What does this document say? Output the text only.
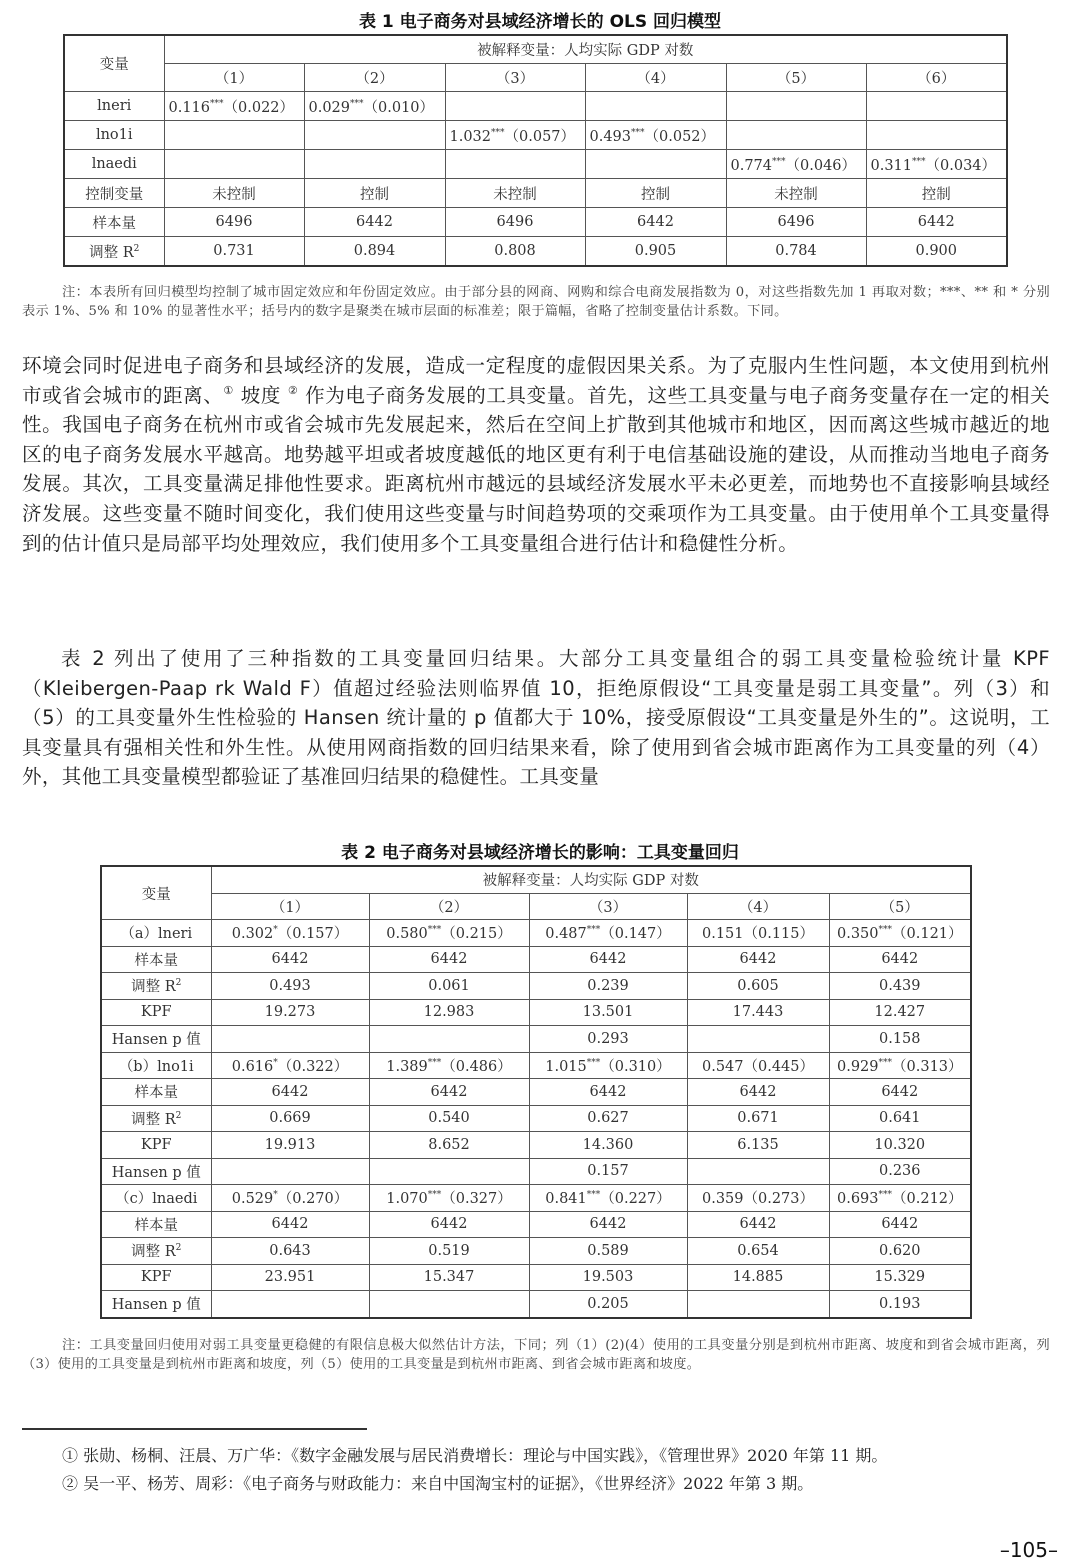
表 1 电子商务对县域经济增长的 OLS 回归模型
变量	被解释变量：人均实际 GDP 对数					
	（1）	（2）	（3）	（4）	（5）	（6）
lneri	0.116***（0.022）	0.029***（0.010）				
lno1i			1.032***（0.057）	0.493***（0.052）		
lnaedi					0.774***（0.046）	0.311***（0.034）
控制变量	未控制	控制	未控制	控制	未控制	控制
样本量	6496	6442	6496	6442	6496	6442
调整 $R^2$	0.731	0.894	0.808	0.905	0.784	0.900
注：本表所有回归模型均控制了城市固定效应和年份固定效应。由于部分县的网商、网购和综合电商发展指数为 0，对这些指数先加 1 再取对数；***、** 和 * 分别表示 1%、5% 和 10% 的显著性水平；括号内的数字是聚类在城市层面的标准差；限于篇幅，省略了控制变量估计系数。下同。
环境会同时促进电子商务和县域经济的发展，造成一定程度的虚假因果关系。为了克服内生性问题，本文使用到杭州市或省会城市的距离、① 坡度 ② 作为电子商务发展的工具变量。首先，这些工具变量与电子商务变量存在一定的相关性。我国电子商务在杭州市或省会城市先发展起来，然后在空间上扩散到其他城市和地区，因而离这些城市越近的地区的电子商务发展水平越高。地势越平坦或者坡度越低的地区更有利于电信基础设施的建设，从而推动当地电子商务发展。其次，工具变量满足排他性要求。距离杭州市越远的县域经济发展水平未必更差，而地势也不直接影响县域经济发展。这些变量不随时间变化，我们使用这些变量与时间趋势项的交乘项作为工具变量。由于使用单个工具变量得到的估计值只是局部平均处理效应，我们使用多个工具变量组合进行估计和稳健性分析。
表 2 列出了使用了三种指数的工具变量回归结果。大部分工具变量组合的弱工具变量检验统计量 KPF（Kleibergen-Paap rk Wald F）值超过经验法则临界值 10，拒绝原假设“工具变量是弱工具变量”。列（3）和（5）的工具变量外生性检验的 Hansen 统计量的 p 值都大于 10%，接受原假设“工具变量是外生的”。这说明，工具变量具有强相关性和外生性。从使用网商指数的回归结果来看，除了使用到省会城市距离作为工具变量的列（4）外，其他工具变量模型都验证了基准回归结果的稳健性。工具变量
表 2 电子商务对县域经济增长的影响：工具变量回归
变量	被解释变量：人均实际 GDP 对数				
	（1）	（2）	（3）	（4）	（5）
（a）lneri	0.302*（0.157）	0.580***（0.215）	0.487***（0.147）	0.151（0.115）	0.350***（0.121）
样本量	6442	6442	6442	6442	6442
调整 $R^2$	0.493	0.061	0.239	0.605	0.439
KPF	19.273	12.983	13.501	17.443	12.427
Hansen p 值			0.293		0.158
（b）lno1i	0.616*（0.322）	1.389***（0.486）	1.015***（0.310）	0.547（0.445）	0.929***（0.313）
样本量	6442	6442	6442	6442	6442
调整 $R^2$	0.669	0.540	0.627	0.671	0.641
KPF	19.913	8.652	14.360	6.135	10.320
Hansen p 值			0.157		0.236
（c）lnaedi	0.529*（0.270）	1.070***（0.327）	0.841***（0.227）	0.359（0.273）	0.693***（0.212）
样本量	6442	6442	6442	6442	6442
调整 $R^2$	0.643	0.519	0.589	0.654	0.620
KPF	23.951	15.347	19.503	14.885	15.329
Hansen p 值			0.205		0.193
注：工具变量回归使用对弱工具变量更稳健的有限信息极大似然估计方法，下同；列（1）(2)(4）使用的工具变量分别是到杭州市距离、坡度和到省会城市距离，列（3）使用的工具变量是到杭州市距离和坡度，列（5）使用的工具变量是到杭州市距离、到省会城市距离和坡度。
① 张勋、杨桐、汪晨、万广华：《数字金融发展与居民消费增长：理论与中国实践》，《管理世界》2020 年第 11 期。
② 吴一平、杨芳、周彩：《电子商务与财政能力：来自中国淘宝村的证据》，《世界经济》2022 年第 3 期。
–105–
